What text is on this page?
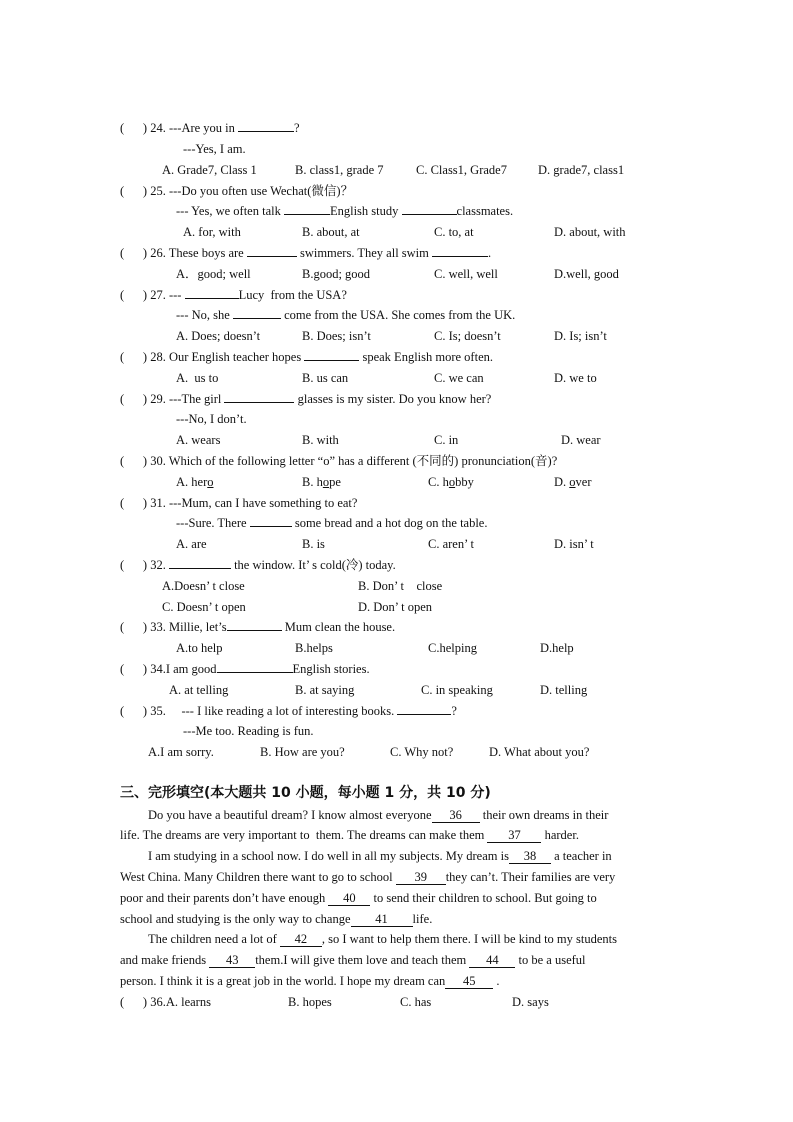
(      ) 24. ---Are you in	?
---Yes, I am.
A. Grade7, Class 1	B. class1, grade 7	C. Class1, Grade7 D. grade7, class1
(      ) 25. ---Do you often use Wechat(微信)？
--- Yes, we often talk	English study	classmates.
A. for, with	B. about, at	C. to, at	D. about, with
(      ) 26. These boys are	swimmers. They all swim	.
A．good; well	B.good; good	C. well, well	D.well, good
(      ) 27. ---	Lucy  from the USA?
--- No, she	come from the USA. She comes from the UK.
A. Does; doesn’t	B. Does; isn’t	C. Is; doesn’t	D. Is; isn’t
(      ) 28. Our English teacher hopes	speak English more often.
A.  us to	B. us can	C. we can	D. we to
(      ) 29. ---The girl	glasses is my sister. Do you know her?
---No, I don’t.
A. wears	B. with	C. in	D. wear
(      ) 30. Which of the following letter “o” has a different (不同的) pronunciation(音)?
A. hero	B. hope	C. hobby	D. over
(      ) 31. ---Mum, can I have something to eat?
---Sure. There	some bread and a hot dog on the table.
A. are	B. is	C. aren’ t	D. isn’ t
(      ) 32.	the window. It’ s cold(冷) today.
A.Doesn’ t close	B. Don’ t    close
C. Doesn’ t open	D. Don’ t open
(      ) 33. Millie, let’s	Mum clean the house.
A.to help	B.helps	C.helping	D.help
(      ) 34.I am good	English stories.
A. at telling	B. at saying	C. in speaking	D. telling
(      ) 35.     --- I like reading a lot of interesting books.	?
---Me too. Reading is fun.
A.I am sorry.	B. How are you?	C. Why not?	D. What about you?
三、完形填空(本大题共 10 小题，每小题 1 分，共 10 分)
Do you have a beautiful dream? I know almost everyone 36 their own dreams in their
life. The dreams are very important to  them. The dreams can make them 37 harder.
I am studying in a school now. I do well in all my subjects. My dream is 38 a teacher in
West China. Many Children there want to go to school 39 they can’t. Their families are very
poor and their parents don’t have enough 40 to send their children to school. But going to
school and studying is the only way to change 41 life.
The children need a lot of 42 , so I want to help them there. I will be kind to my students
and make friends 43 them.I will give them love and teach them 44 to be a useful
person. I think it is a great job in the world. I hope my dream can 45 .
(      ) 36.A. learns	B. hopes	C. has	D. says
